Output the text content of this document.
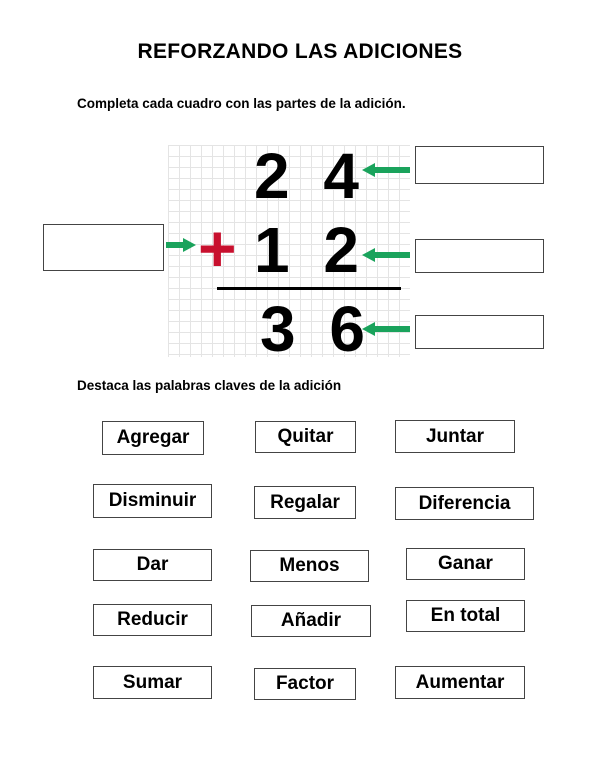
REFORZANDO LAS ADICIONES
Completa cada cuadro con las partes de la adición.
2 4
+ 1 2
3 6
Destaca las palabras claves de la adición
Agregar	Quitar	Juntar
Disminuir	Regalar	Diferencia
Dar	Menos	Ganar
Reducir	Añadir	En total
Sumar	Factor	Aumentar
